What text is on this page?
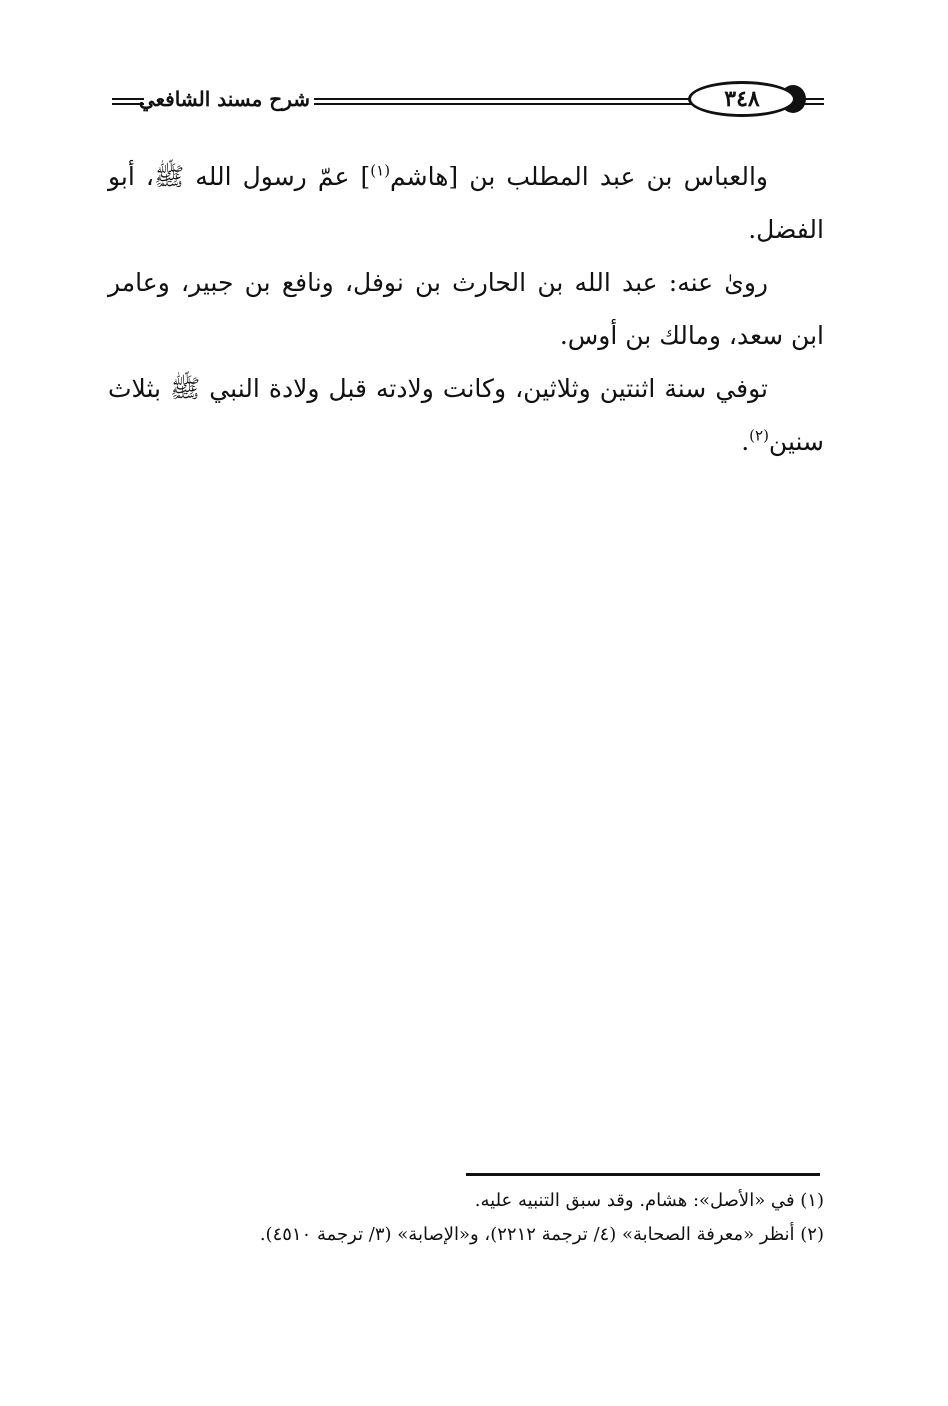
شرح مسند الشافعي	٣٤٨

والعباس بن عبد المطلب بن [هاشم$^{(١)}$] عمّ رسول الله ﷺ، أبو الفضل.

روىٰ عنه: عبد الله بن الحارث بن نوفل، ونافع بن جبير، وعامر ابن سعد، ومالك بن أوس.

توفي سنة اثنتين وثلاثين، وكانت ولادته قبل ولادة النبي ﷺ بثلاث سنين$^{(٢)}$.

(١) في «الأصل»: هشام. وقد سبق التنبيه عليه.

(٢) أنظر «معرفة الصحابة» (٤/ ترجمة ٢٢١٢)، و«الإصابة» (٣/ ترجمة ٤٥١٠).
